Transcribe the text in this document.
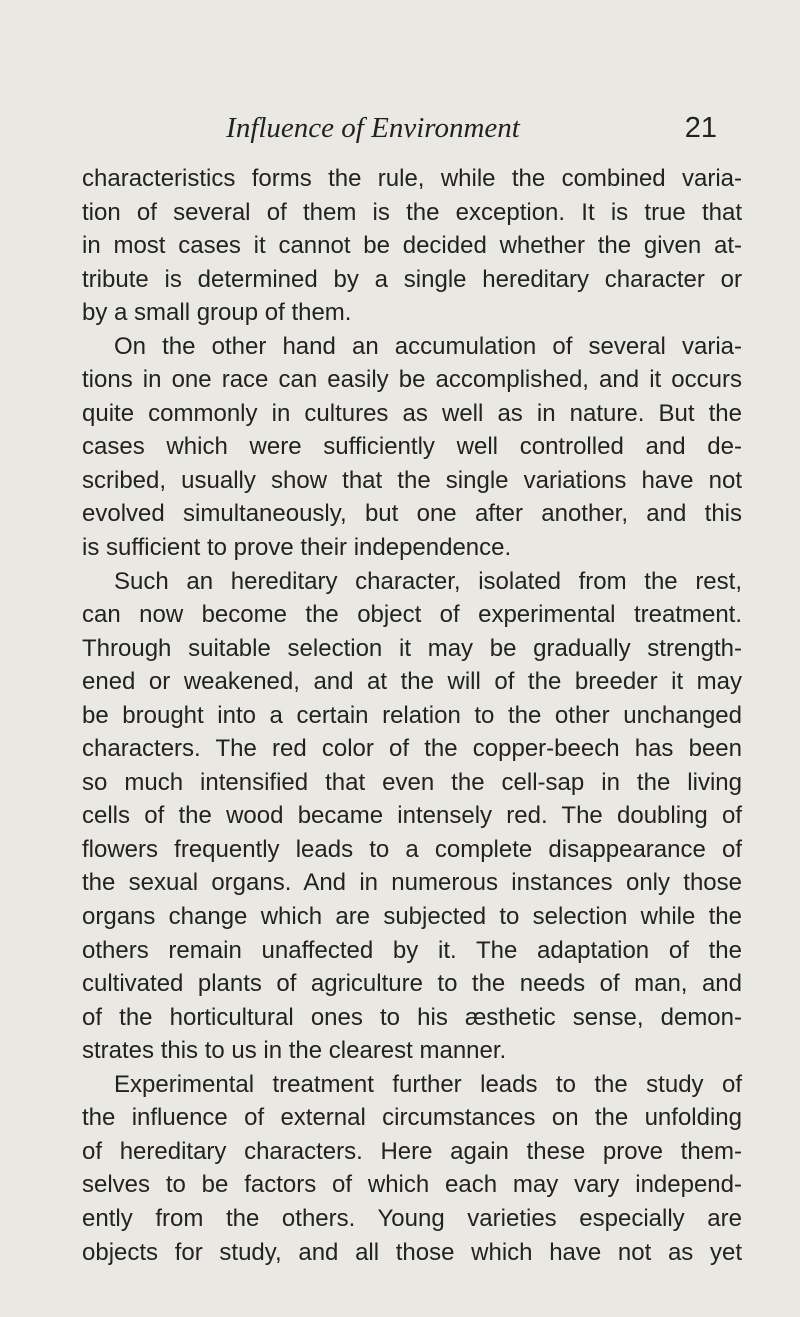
Influence of Environment	21
characteristics forms the rule, while the combined varia-
tion of several of them is the exception. It is true that
in most cases it cannot be decided whether the given at-
tribute is determined by a single hereditary character or
by a small group of them.
On the other hand an accumulation of several varia-
tions in one race can easily be accomplished, and it occurs
quite commonly in cultures as well as in nature. But the
cases which were sufficiently well controlled and de-
scribed, usually show that the single variations have not
evolved simultaneously, but one after another, and this
is sufficient to prove their independence.
Such an hereditary character, isolated from the rest,
can now become the object of experimental treatment.
Through suitable selection it may be gradually strength-
ened or weakened, and at the will of the breeder it may
be brought into a certain relation to the other unchanged
characters. The red color of the copper-beech has been
so much intensified that even the cell-sap in the living
cells of the wood became intensely red. The doubling of
flowers frequently leads to a complete disappearance of
the sexual organs. And in numerous instances only those
organs change which are subjected to selection while the
others remain unaffected by it. The adaptation of the
cultivated plants of agriculture to the needs of man, and
of the horticultural ones to his æsthetic sense, demon-
strates this to us in the clearest manner.
Experimental treatment further leads to the study of
the influence of external circumstances on the unfolding
of hereditary characters. Here again these prove them-
selves to be factors of which each may vary independ-
ently from the others. Young varieties especially are
objects for study, and all those which have not as yet
